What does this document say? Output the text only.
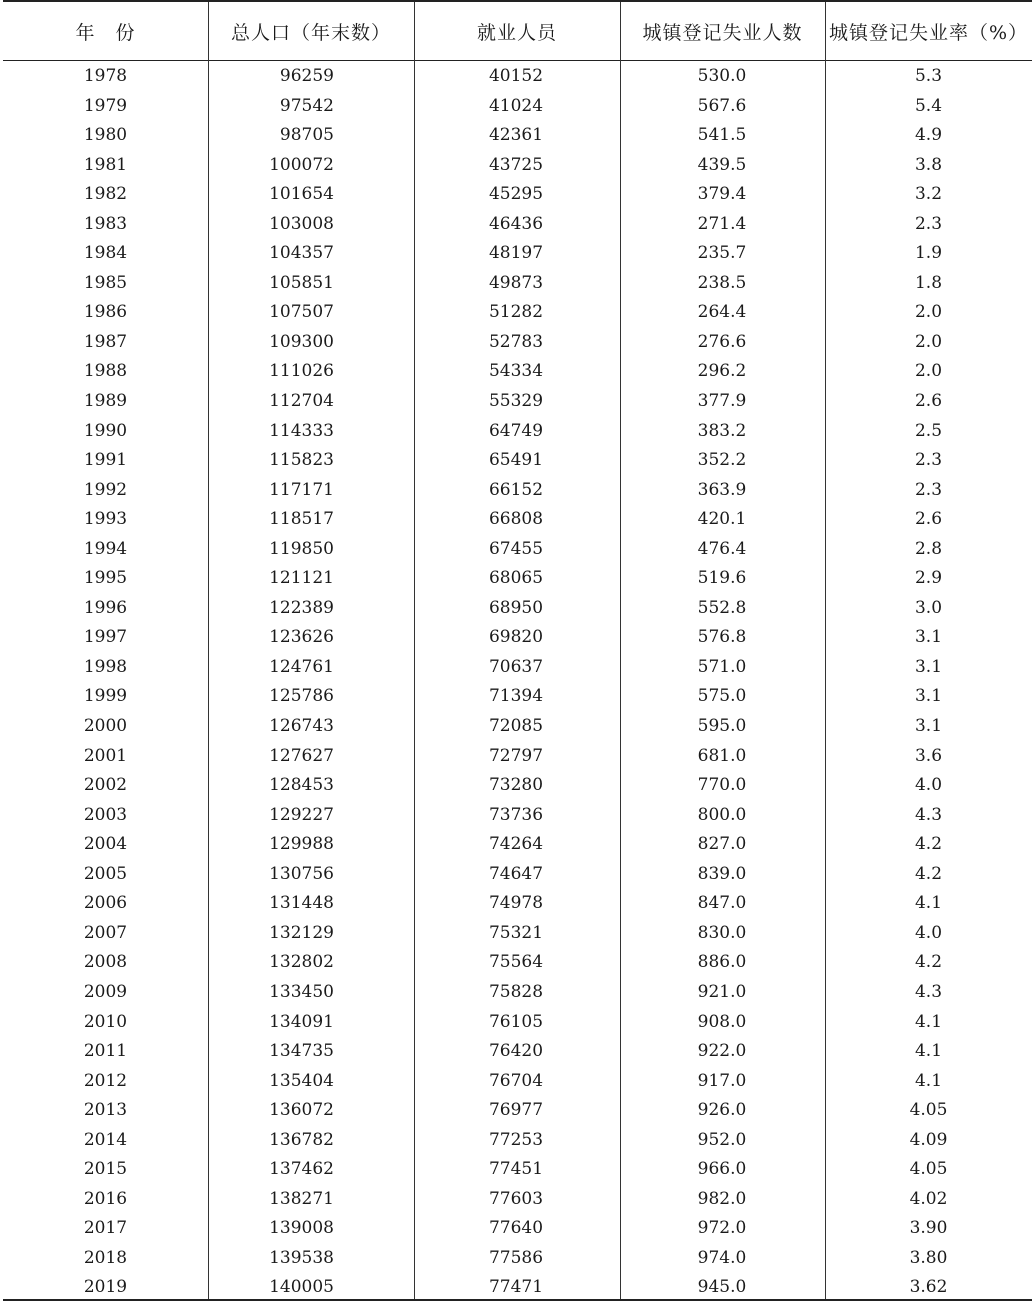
年　份	总人口（年末数）	就业人员	城镇登记失业人数	城镇登记失业率（%）
1978	96259	40152	530.0	5.3
1979	97542	41024	567.6	5.4
1980	98705	42361	541.5	4.9
1981	100072	43725	439.5	3.8
1982	101654	45295	379.4	3.2
1983	103008	46436	271.4	2.3
1984	104357	48197	235.7	1.9
1985	105851	49873	238.5	1.8
1986	107507	51282	264.4	2.0
1987	109300	52783	276.6	2.0
1988	111026	54334	296.2	2.0
1989	112704	55329	377.9	2.6
1990	114333	64749	383.2	2.5
1991	115823	65491	352.2	2.3
1992	117171	66152	363.9	2.3
1993	118517	66808	420.1	2.6
1994	119850	67455	476.4	2.8
1995	121121	68065	519.6	2.9
1996	122389	68950	552.8	3.0
1997	123626	69820	576.8	3.1
1998	124761	70637	571.0	3.1
1999	125786	71394	575.0	3.1
2000	126743	72085	595.0	3.1
2001	127627	72797	681.0	3.6
2002	128453	73280	770.0	4.0
2003	129227	73736	800.0	4.3
2004	129988	74264	827.0	4.2
2005	130756	74647	839.0	4.2
2006	131448	74978	847.0	4.1
2007	132129	75321	830.0	4.0
2008	132802	75564	886.0	4.2
2009	133450	75828	921.0	4.3
2010	134091	76105	908.0	4.1
2011	134735	76420	922.0	4.1
2012	135404	76704	917.0	4.1
2013	136072	76977	926.0	4.05
2014	136782	77253	952.0	4.09
2015	137462	77451	966.0	4.05
2016	138271	77603	982.0	4.02
2017	139008	77640	972.0	3.90
2018	139538	77586	974.0	3.80
2019	140005	77471	945.0	3.62
